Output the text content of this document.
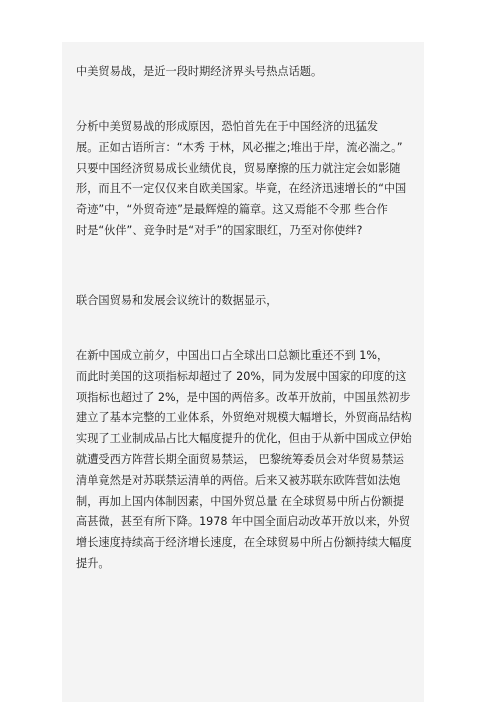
中美贸易战，是近一段时期经济界头号热点话题。

分析中美贸易战的形成原因，恐怕首先在于中国经济的迅猛发
展。正如古语所言：“木秀 于林，风必摧之;堆出于岸，流必湍之。”
只要中国经济贸易成长业绩优良，贸易摩擦的压力就注定会如影随
形，而且不一定仅仅来自欧美国家。毕竟，在经济迅速增长的“中国
奇迹”中，“外贸奇迹”是最辉煌的篇章。这又焉能不令那 些合作
时是“伙伴”、竞争时是“对手”的国家眼红，乃至对你使绊?

联合国贸易和发展会议统计的数据显示，

在新中国成立前夕，中国出口占全球出口总额比重还不到 1%，
而此时美国的这项指标却超过了 20%，同为发展中国家的印度的这
项指标也超过了 2%，是中国的两倍多。改革开放前，中国虽然初步
建立了基本完整的工业体系，外贸绝对规模大幅增长，外贸商品结构
实现了工业制成品占比大幅度提升的优化，但由于从新中国成立伊始
就遭受西方阵营长期全面贸易禁运， 巴黎统筹委员会对华贸易禁运
清单竟然是对苏联禁运清单的两倍。后来又被苏联东欧阵营如法炮
制，再加上国内体制因素，中国外贸总量 在全球贸易中所占份额提
高甚微，甚至有所下降。1978 年中国全面启动改革开放以来，外贸
增长速度持续高于经济增长速度，在全球贸易中所占份额持续大幅度
提升。
